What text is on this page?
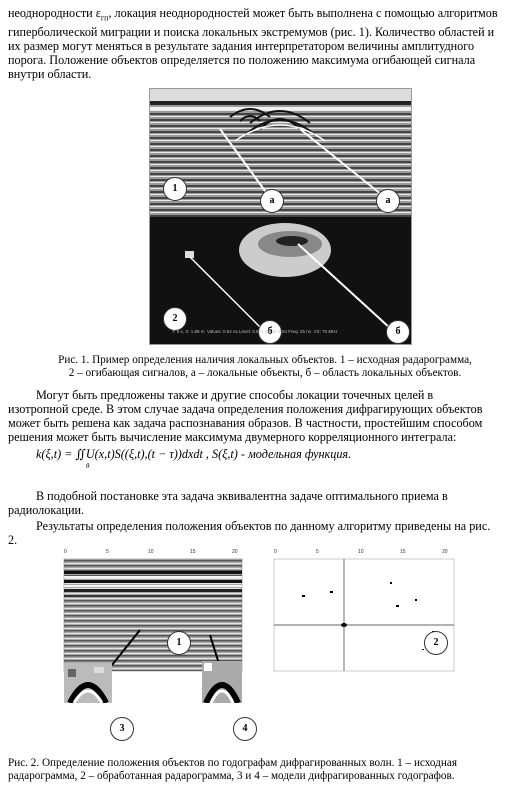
неоднородности $\varepsilon_{гп}$, локация неоднородностей может быть выполнена с помощью алгоритмов
гиперболической миграции и поиска локальных экстремумов (рис. 1). Количество областей и
их размер могут меняться в результате задания интерпретатором величины амплитудного
порога. Положение объектов определяется по положению максимума огибающей сигнала
внутри области.
1
а	а
2
б	б
T: 0 s, X: 1.88 m Values: 0.94 ns Level: 0.871 ns dt: 9.64 Freq: 25 ns VX: 70 MHz
Рис. 1. Пример определения наличия локальных объектов. 1 – исходная радарограмма,
2 – огибающая сигналов, а – локальные объекты, б – область локальных объектов.
Могут быть предложены также и другие способы локации точечных целей в
изотропной среде. В этом случае задача определения положения дифрагирующих объектов
может быть решена как задача распознавания образов. В частности, простейшим способом
решения может быть вычисление максимума двумерного корреляционного интеграла:
k(ξ,t) = ∬U(x,t)S((ξ,t),(t − τ))dxdt , S(ξ,t) - модельная функция.
θ
В подобной постановке эта задача эквивалентна задаче оптимального приема в
радиолокации.
Результаты определения положения объектов по данному алгоритму приведены на рис.
2.
0	5	10	15	20	0	5	10	15	20
1	2
3	4
Рис. 2. Определение положения объектов по годографам дифрагированных волн. 1 – исходная
радарограмма, 2 – обработанная радарограмма, 3 и 4 – модели дифрагированных годографов.
